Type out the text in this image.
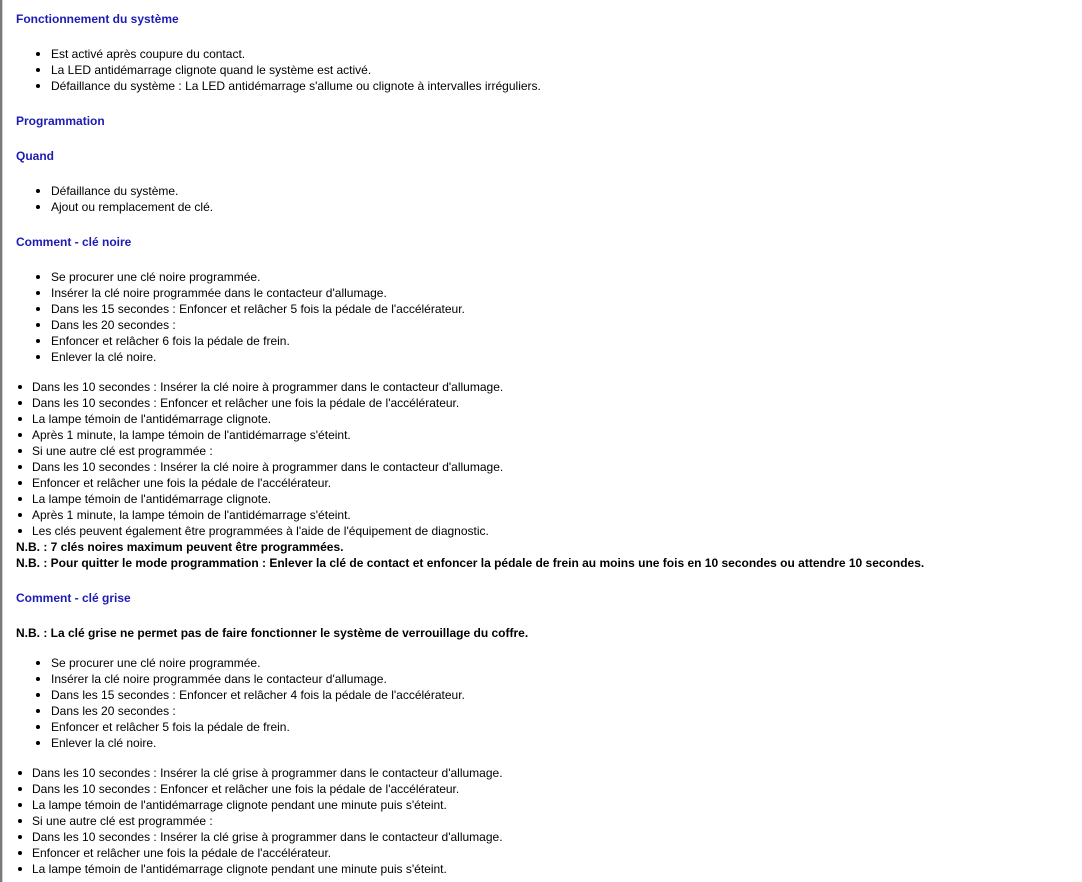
Fonctionnement du système
Est activé après coupure du contact.
La LED antidémarrage clignote quand le système est activé.
Défaillance du système : La LED antidémarrage s'allume ou clignote à intervalles irréguliers.
Programmation
Quand
Défaillance du système.
Ajout ou remplacement de clé.
Comment - clé noire
Se procurer une clé noire programmée.
Insérer la clé noire programmée dans le contacteur d'allumage.
Dans les 15 secondes : Enfoncer et relâcher 5 fois la pédale de l'accélérateur.
Dans les 20 secondes :
Enfoncer et relâcher 6 fois la pédale de frein.
Enlever la clé noire.
Dans les 10 secondes : Insérer la clé noire à programmer dans le contacteur d'allumage.
Dans les 10 secondes : Enfoncer et relâcher une fois la pédale de l'accélérateur.
La lampe témoin de l'antidémarrage clignote.
Après 1 minute, la lampe témoin de l'antidémarrage s'éteint.
Si une autre clé est programmée :
Dans les 10 secondes : Insérer la clé noire à programmer dans le contacteur d'allumage.
Enfoncer et relâcher une fois la pédale de l'accélérateur.
La lampe témoin de l'antidémarrage clignote.
Après 1 minute, la lampe témoin de l'antidémarrage s'éteint.
Les clés peuvent également être programmées à l'aide de l'équipement de diagnostic.

N.B. : 7 clés noires maximum peuvent être programmées.

N.B. : Pour quitter le mode programmation : Enlever la clé de contact et enfoncer la pédale de frein au moins une fois en 10 secondes ou attendre 10 secondes.

Comment - clé grise

N.B. : La clé grise ne permet pas de faire fonctionner le système de verrouillage du coffre.

Se procurer une clé noire programmée.
Insérer la clé noire programmée dans le contacteur d'allumage.
Dans les 15 secondes : Enfoncer et relâcher 4 fois la pédale de l'accélérateur.
Dans les 20 secondes :
Enfoncer et relâcher 5 fois la pédale de frein.
Enlever la clé noire.
Dans les 10 secondes : Insérer la clé grise à programmer dans le contacteur d'allumage.
Dans les 10 secondes : Enfoncer et relâcher une fois la pédale de l'accélérateur.
La lampe témoin de l'antidémarrage clignote pendant une minute puis s'éteint.
Si une autre clé est programmée :
Dans les 10 secondes : Insérer la clé grise à programmer dans le contacteur d'allumage.
Enfoncer et relâcher une fois la pédale de l'accélérateur.
La lampe témoin de l'antidémarrage clignote pendant une minute puis s'éteint.
